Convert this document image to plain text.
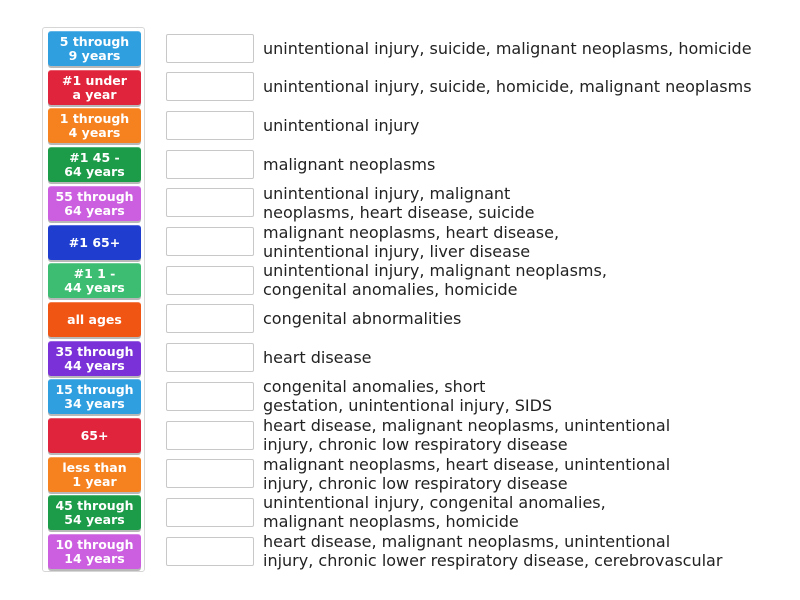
5 through
9 years
#1 under
a year
1 through
4 years
#1 45 -
64 years
55 through
64 years
#1 65+
#1 1 -
44 years
all ages
35 through
44 years
15 through
34 years
65+
less than
1 year
45 through
54 years
10 through
14 years
unintentional injury, suicide, malignant neoplasms, homicide
unintentional injury, suicide, homicide, malignant neoplasms
unintentional injury
malignant neoplasms
unintentional injury, malignant
neoplasms, heart disease, suicide
malignant neoplasms, heart disease,
unintentional injury, liver disease
unintentional injury, malignant neoplasms,
congenital anomalies, homicide
congenital abnormalities
heart disease
congenital anomalies, short
gestation, unintentional injury, SIDS
heart disease, malignant neoplasms, unintentional
injury, chronic low respiratory disease
malignant neoplasms, heart disease, unintentional
injury, chronic low respiratory disease
unintentional injury, congenital anomalies,
malignant neoplasms, homicide
heart disease, malignant neoplasms, unintentional
injury, chronic lower respiratory disease, cerebrovascular
